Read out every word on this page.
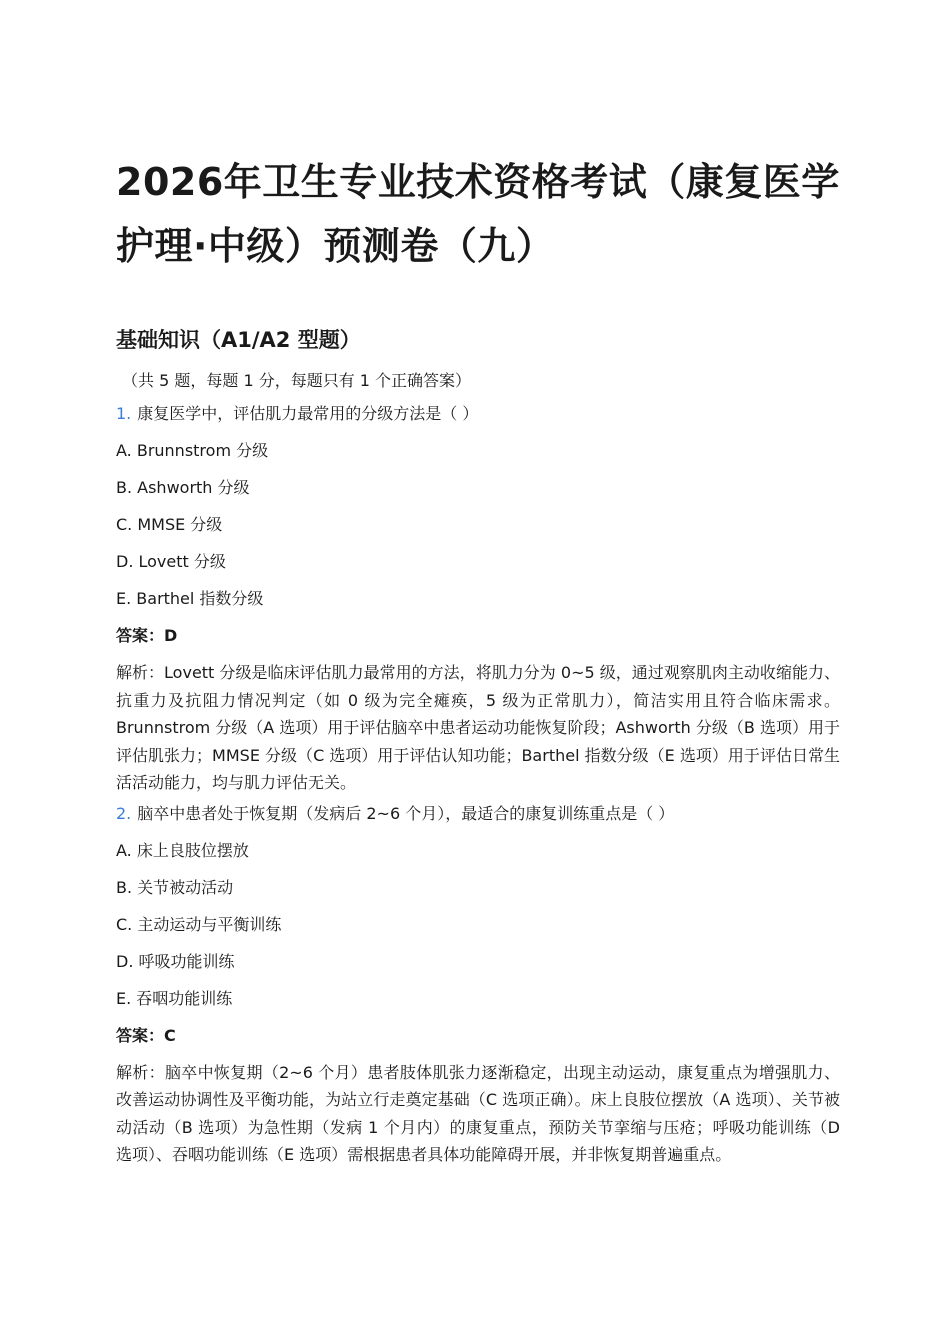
2026年卫生专业技术资格考试（康复医学护理·中级）预测卷（九）
基础知识（A1/A2 型题）

（共 5 题，每题 1 分，每题只有 1 个正确答案）

1. 康复医学中，评估肌力最常用的分级方法是（ ）

A. Brunnstrom 分级

B. Ashworth 分级

C. MMSE 分级

D. Lovett 分级

E. Barthel 指数分级

答案：D

解析：Lovett 分级是临床评估肌力最常用的方法，将肌力分为 0~5 级，通过观察肌肉主动收缩能力、抗重力及抗阻力情况判定（如 0 级为完全瘫痪，5 级为正常肌力），简洁实用且符合临床需求。Brunnstrom 分级（A 选项）用于评估脑卒中患者运动功能恢复阶段；Ashworth 分级（B 选项）用于评估肌张力；MMSE 分级（C 选项）用于评估认知功能；Barthel 指数分级（E 选项）用于评估日常生活活动能力，均与肌力评估无关。

2. 脑卒中患者处于恢复期（发病后 2~6 个月），最适合的康复训练重点是（ ）

A. 床上良肢位摆放

B. 关节被动活动

C. 主动运动与平衡训练

D. 呼吸功能训练

E. 吞咽功能训练

答案：C

解析：脑卒中恢复期（2~6 个月）患者肢体肌张力逐渐稳定，出现主动运动，康复重点为增强肌力、改善运动协调性及平衡功能，为站立行走奠定基础（C 选项正确）。床上良肢位摆放（A 选项）、关节被动活动（B 选项）为急性期（发病 1 个月内）的康复重点，预防关节挛缩与压疮；呼吸功能训练（D 选项）、吞咽功能训练（E 选项）需根据患者具体功能障碍开展，并非恢复期普遍重点。
